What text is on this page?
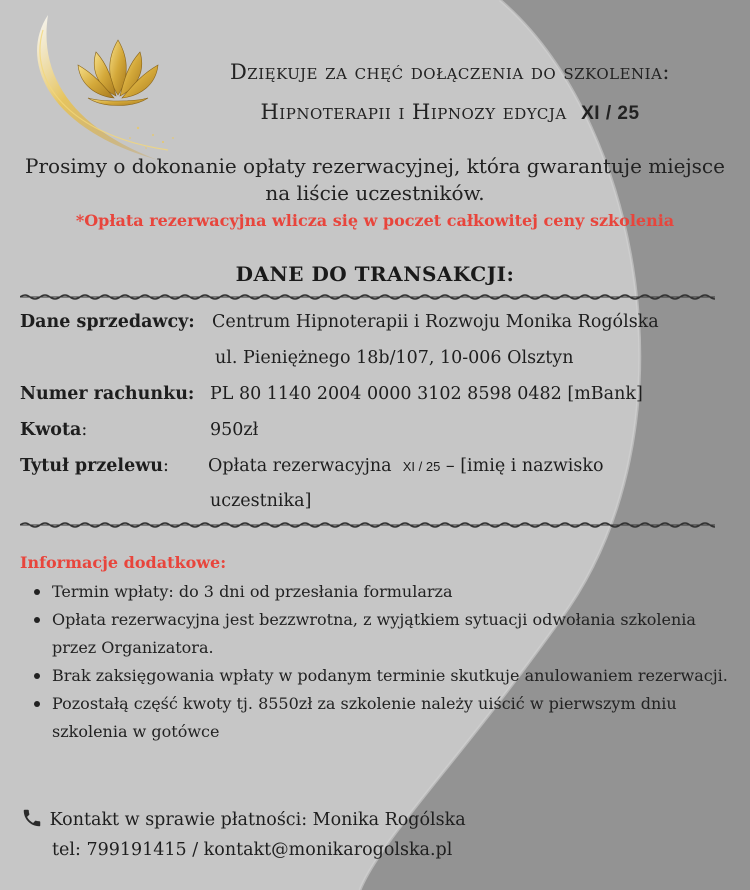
Dziękuje za chęć dołączenia do szkolenia:
Hipnoterapii i Hipnozy edycja XI / 25
Prosimy o dokonanie opłaty rezerwacyjnej, która gwarantuje miejsce na liście uczestników.
*Opłata rezerwacyjna wlicza się w poczet całkowitej ceny szkolenia
DANE DO TRANSAKCJI:
Dane sprzedawcy: Centrum Hipnoterapii i Rozwoju Monika Rogólska
ul. Pieniężnego 18b/107, 10-006 Olsztyn
Numer rachunku: PL 80 1140 2004 0000 3102 8598 0482 [mBank]
Kwota:	950zł
Tytuł przelewu: Opłata rezerwacyjna XI / 25 – [imię i nazwisko
uczestnika]
Informacje dodatkowe:
Termin wpłaty: do 3 dni od przesłania formularza
Opłata rezerwacyjna jest bezzwrotna, z wyjątkiem sytuacji odwołania szkolenia przez Organizatora.
Brak zaksięgowania wpłaty w podanym terminie skutkuje anulowaniem rezerwacji.
Pozostałą część kwoty tj. 8550zł za szkolenie należy uiścić w pierwszym dniu szkolenia w gotówce
Kontakt w sprawie płatności: Monika Rogólska
tel: 799191415 / kontakt@monikarogolska.pl
